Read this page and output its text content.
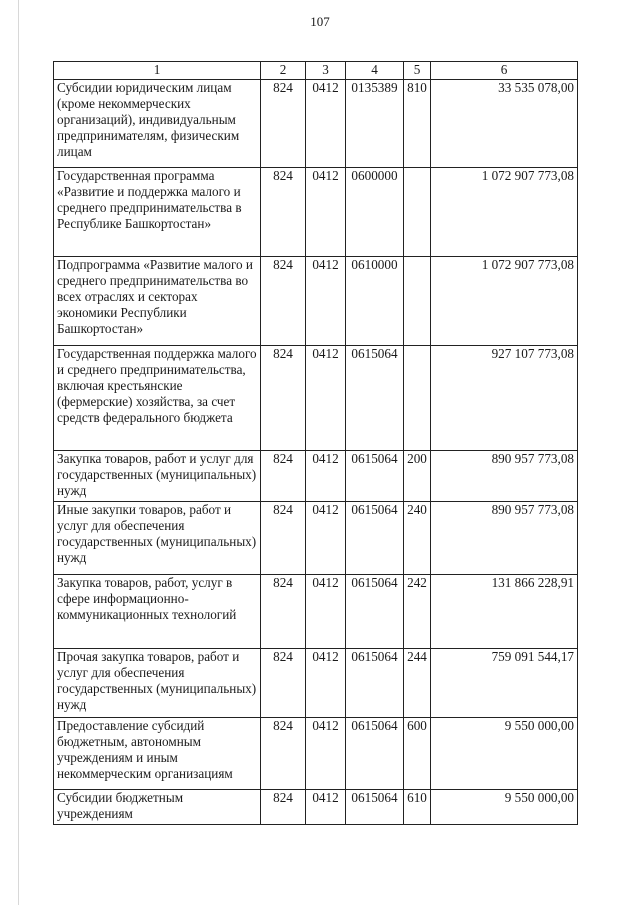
107
1	2	3	4	5	6
Субсидии юридическим лицам (кроме некоммерческих организаций), индивидуальным предпринимателям, физическим лицам	824	0412	0135389	810	33 535 078,00
Государственная программа «Развитие и поддержка малого и среднего предпринимательства в Республике Башкортостан»	824	0412	0600000		1 072 907 773,08
Подпрограмма «Развитие малого и среднего предпринимательства во всех отраслях и секторах экономики Республики Башкортостан»	824	0412	0610000		1 072 907 773,08
Государственная поддержка малого и среднего предпринимательства, включая крестьянские (фермерские) хозяйства, за счет средств федерального бюджета	824	0412	0615064		927 107 773,08
Закупка товаров, работ и услуг для государственных (муниципальных) нужд	824	0412	0615064	200	890 957 773,08
Иные закупки товаров, работ и услуг для обеспечения государственных (муниципальных) нужд	824	0412	0615064	240	890 957 773,08
Закупка товаров, работ, услуг в сфере информационно-коммуникационных технологий	824	0412	0615064	242	131 866 228,91
Прочая закупка товаров, работ и услуг для обеспечения государственных (муниципальных) нужд	824	0412	0615064	244	759 091 544,17
Предоставление субсидий бюджетным, автономным учреждениям и иным некоммерческим организациям	824	0412	0615064	600	9 550 000,00
Субсидии бюджетным учреждениям	824	0412	0615064	610	9 550 000,00
